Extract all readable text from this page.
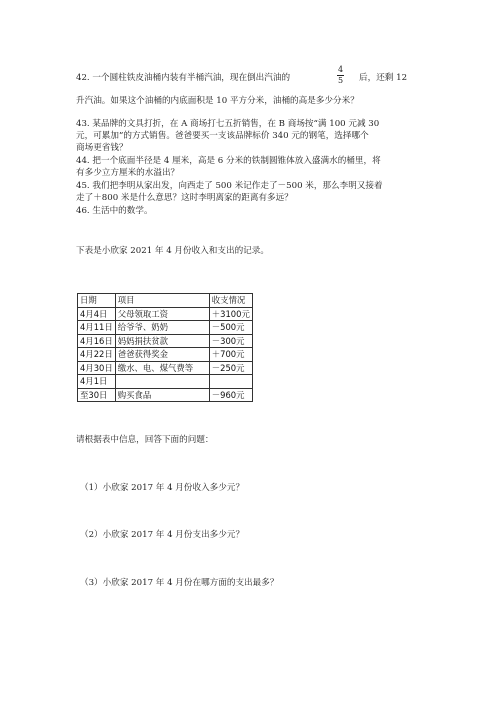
42. 一个圆柱铁皮油桶内装有半桶汽油，现在倒出汽油的
4
5 后，还剩 12
升汽油。如果这个油桶的内底面积是 10 平方分米，油桶的高是多少分米？
43. 某品牌的文具打折，在 A 商场打七五折销售，在 B 商场按“满 100 元减 30
元，可累加”的方式销售。爸爸要买一支该品牌标价 340 元的钢笔，选择哪个
商场更省钱？
44. 把一个底面半径是 4 厘米，高是 6 分米的铁制圆锥体放入盛满水的桶里，将
有多少立方厘米的水溢出？
45. 我们把李明从家出发，向西走了 500 米记作走了－500 米，那么李明又接着
走了＋800 米是什么意思？这时李明离家的距离有多远？
46. 生活中的数学。
下表是小欣家 2021 年 4 月份收入和支出的记录。
日期	项目	收支情况
4月4日	父母领取工资	＋3100元
4月11日	给爷爷、奶奶	－500元
4月16日	妈妈捐扶贫款	－300元
4月22日	爸爸获得奖金	＋700元
4月30日	缴水、电、煤气费等	－250元
4月1日		
至30日	购买食品	－960元
请根据表中信息，回答下面的问题：
（1）小欣家 2017 年 4 月份收入多少元？
（2）小欣家 2017 年 4 月份支出多少元？
（3）小欣家 2017 年 4 月份在哪方面的支出最多？
